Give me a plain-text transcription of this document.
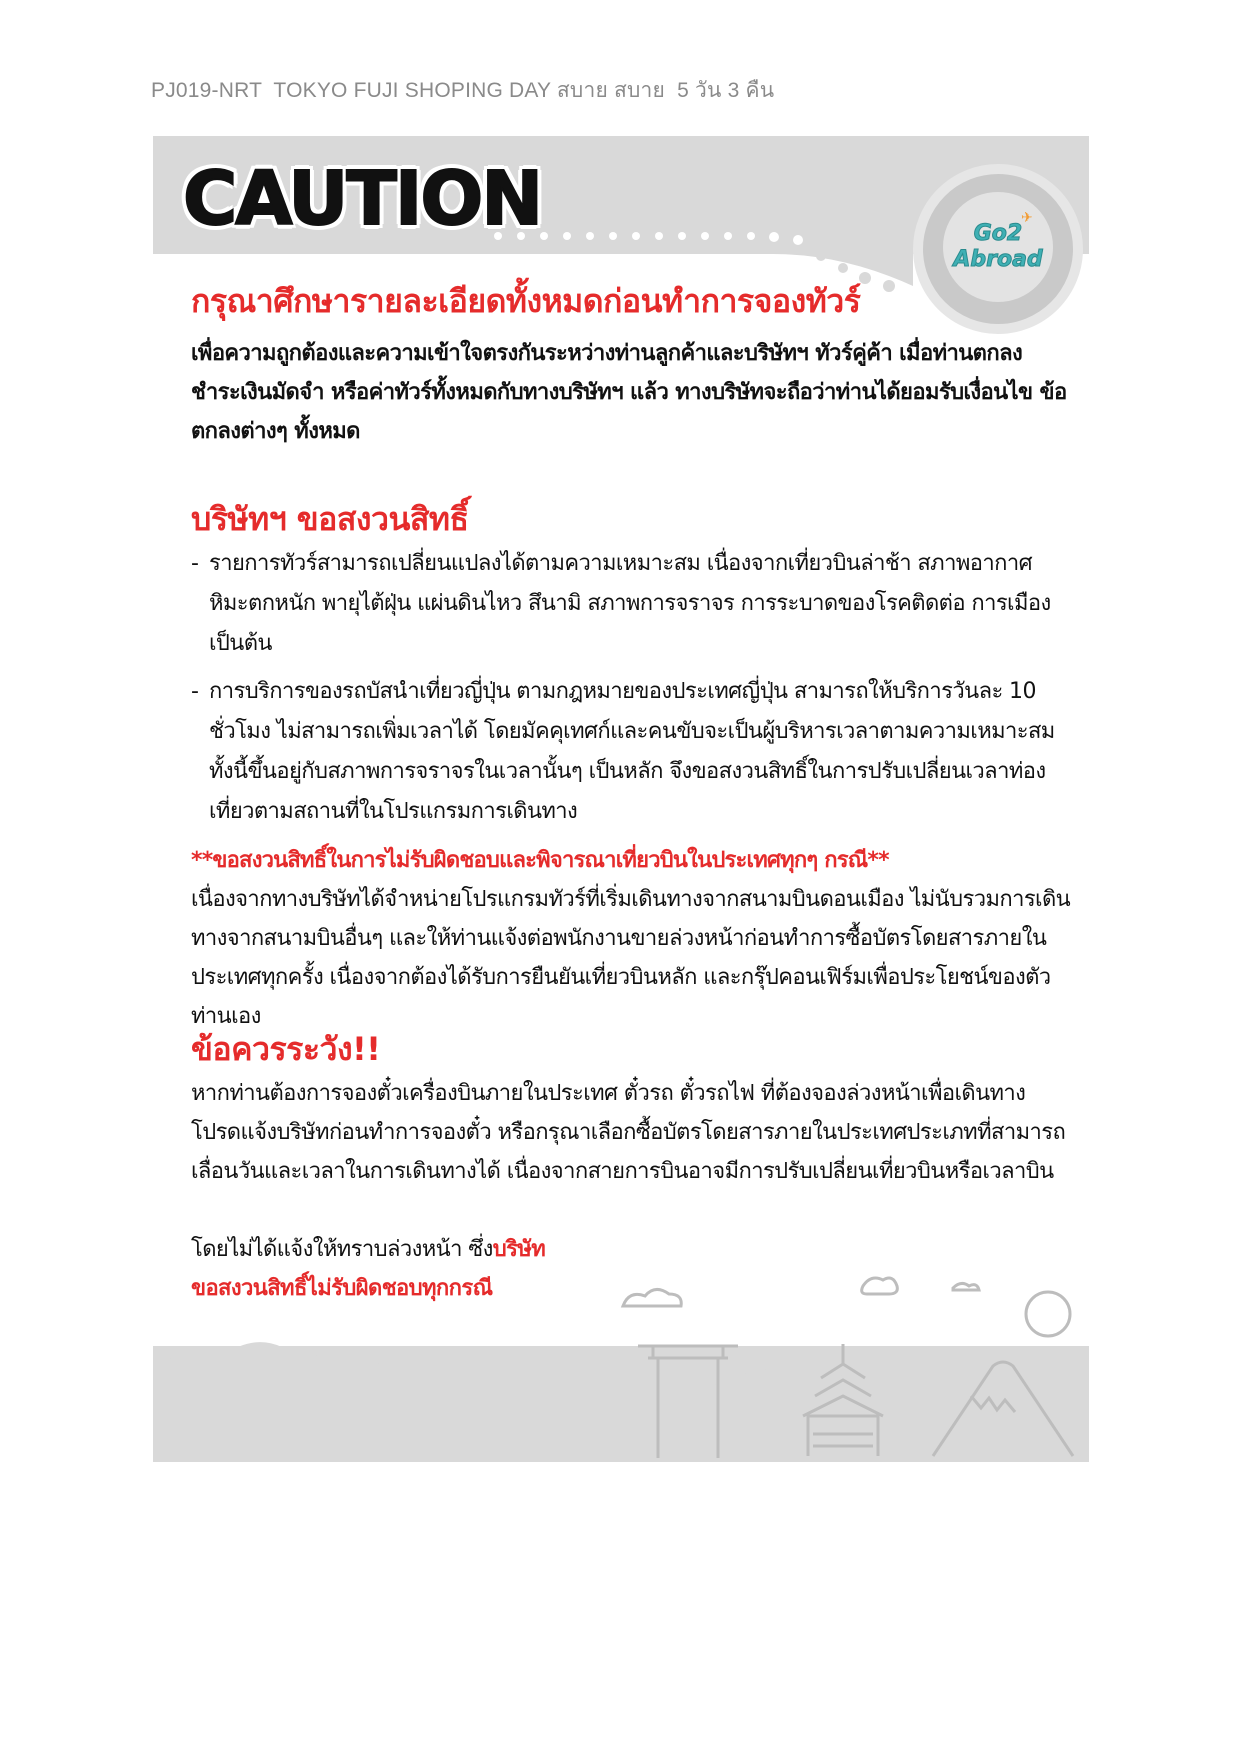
PJ019-NRT  TOKYO FUJI SHOPING DAY สบาย สบาย  5 วัน 3 คืน
CAUTION	✈
Go2
Abroad
กรุณาศึกษารายละเอียดทั้งหมดก่อนทำการจองทัวร์
เพื่อความถูกต้องและความเข้าใจตรงกันระหว่างท่านลูกค้าและบริษัทฯ ทัวร์คู่ค้า เมื่อท่านตกลงชำระเงินมัดจำ หรือค่าทัวร์ทั้งหมดกับทางบริษัทฯ แล้ว ทางบริษัทจะถือว่าท่านได้ยอมรับเงื่อนไข ข้อตกลงต่างๆ ทั้งหมด
บริษัทฯ ขอสงวนสิทธิ์
- รายการทัวร์สามารถเปลี่ยนแปลงได้ตามความเหมาะสม เนื่องจากเที่ยวบินล่าช้า สภาพอากาศ หิมะตกหนัก พายุไต้ฝุ่น แผ่นดินไหว สึนามิ สภาพการจราจร การระบาดของโรคติดต่อ การเมือง เป็นต้น
- การบริการของรถบัสนำเที่ยวญี่ปุ่น ตามกฎหมายของประเทศญี่ปุ่น สามารถให้บริการวันละ 10 ชั่วโมง ไม่สามารถเพิ่มเวลาได้ โดยมัคคุเทศก์และคนขับจะเป็นผู้บริหารเวลาตามความเหมาะสม ทั้งนี้ขึ้นอยู่กับสภาพการจราจรในเวลานั้นๆ เป็นหลัก จึงขอสงวนสิทธิ์ในการปรับเปลี่ยนเวลาท่องเที่ยวตามสถานที่ในโปรแกรมการเดินทาง
**ขอสงวนสิทธิ์ในการไม่รับผิดชอบและพิจารณาเที่ยวบินในประเทศทุกๆ กรณี**
เนื่องจากทางบริษัทได้จำหน่ายโปรแกรมทัวร์ที่เริ่มเดินทางจากสนามบินดอนเมือง ไม่นับรวมการเดินทางจากสนามบินอื่นๆ และให้ท่านแจ้งต่อพนักงานขายล่วงหน้าก่อนทำการซื้อบัตรโดยสารภายในประเทศทุกครั้ง เนื่องจากต้องได้รับการยืนยันเที่ยวบินหลัก และกรุ๊ปคอนเฟิร์มเพื่อประโยชน์ของตัวท่านเอง
ข้อควรระวัง!!
หากท่านต้องการจองตั๋วเครื่องบินภายในประเทศ ตั๋วรถ ตั๋วรถไฟ ที่ต้องจองล่วงหน้าเพื่อเดินทาง โปรดแจ้งบริษัทก่อนทำการจองตั๋ว หรือกรุณาเลือกซื้อบัตรโดยสารภายในประเทศประเภทที่สามารถเลื่อนวันและเวลาในการเดินทางได้ เนื่องจากสายการบินอาจมีการปรับเปลี่ยนเที่ยวบินหรือเวลาบิน
โดยไม่ได้แจ้งให้ทราบล่วงหน้า ซึ่งบริษัท
ขอสงวนสิทธิ์ไม่รับผิดชอบทุกกรณี
